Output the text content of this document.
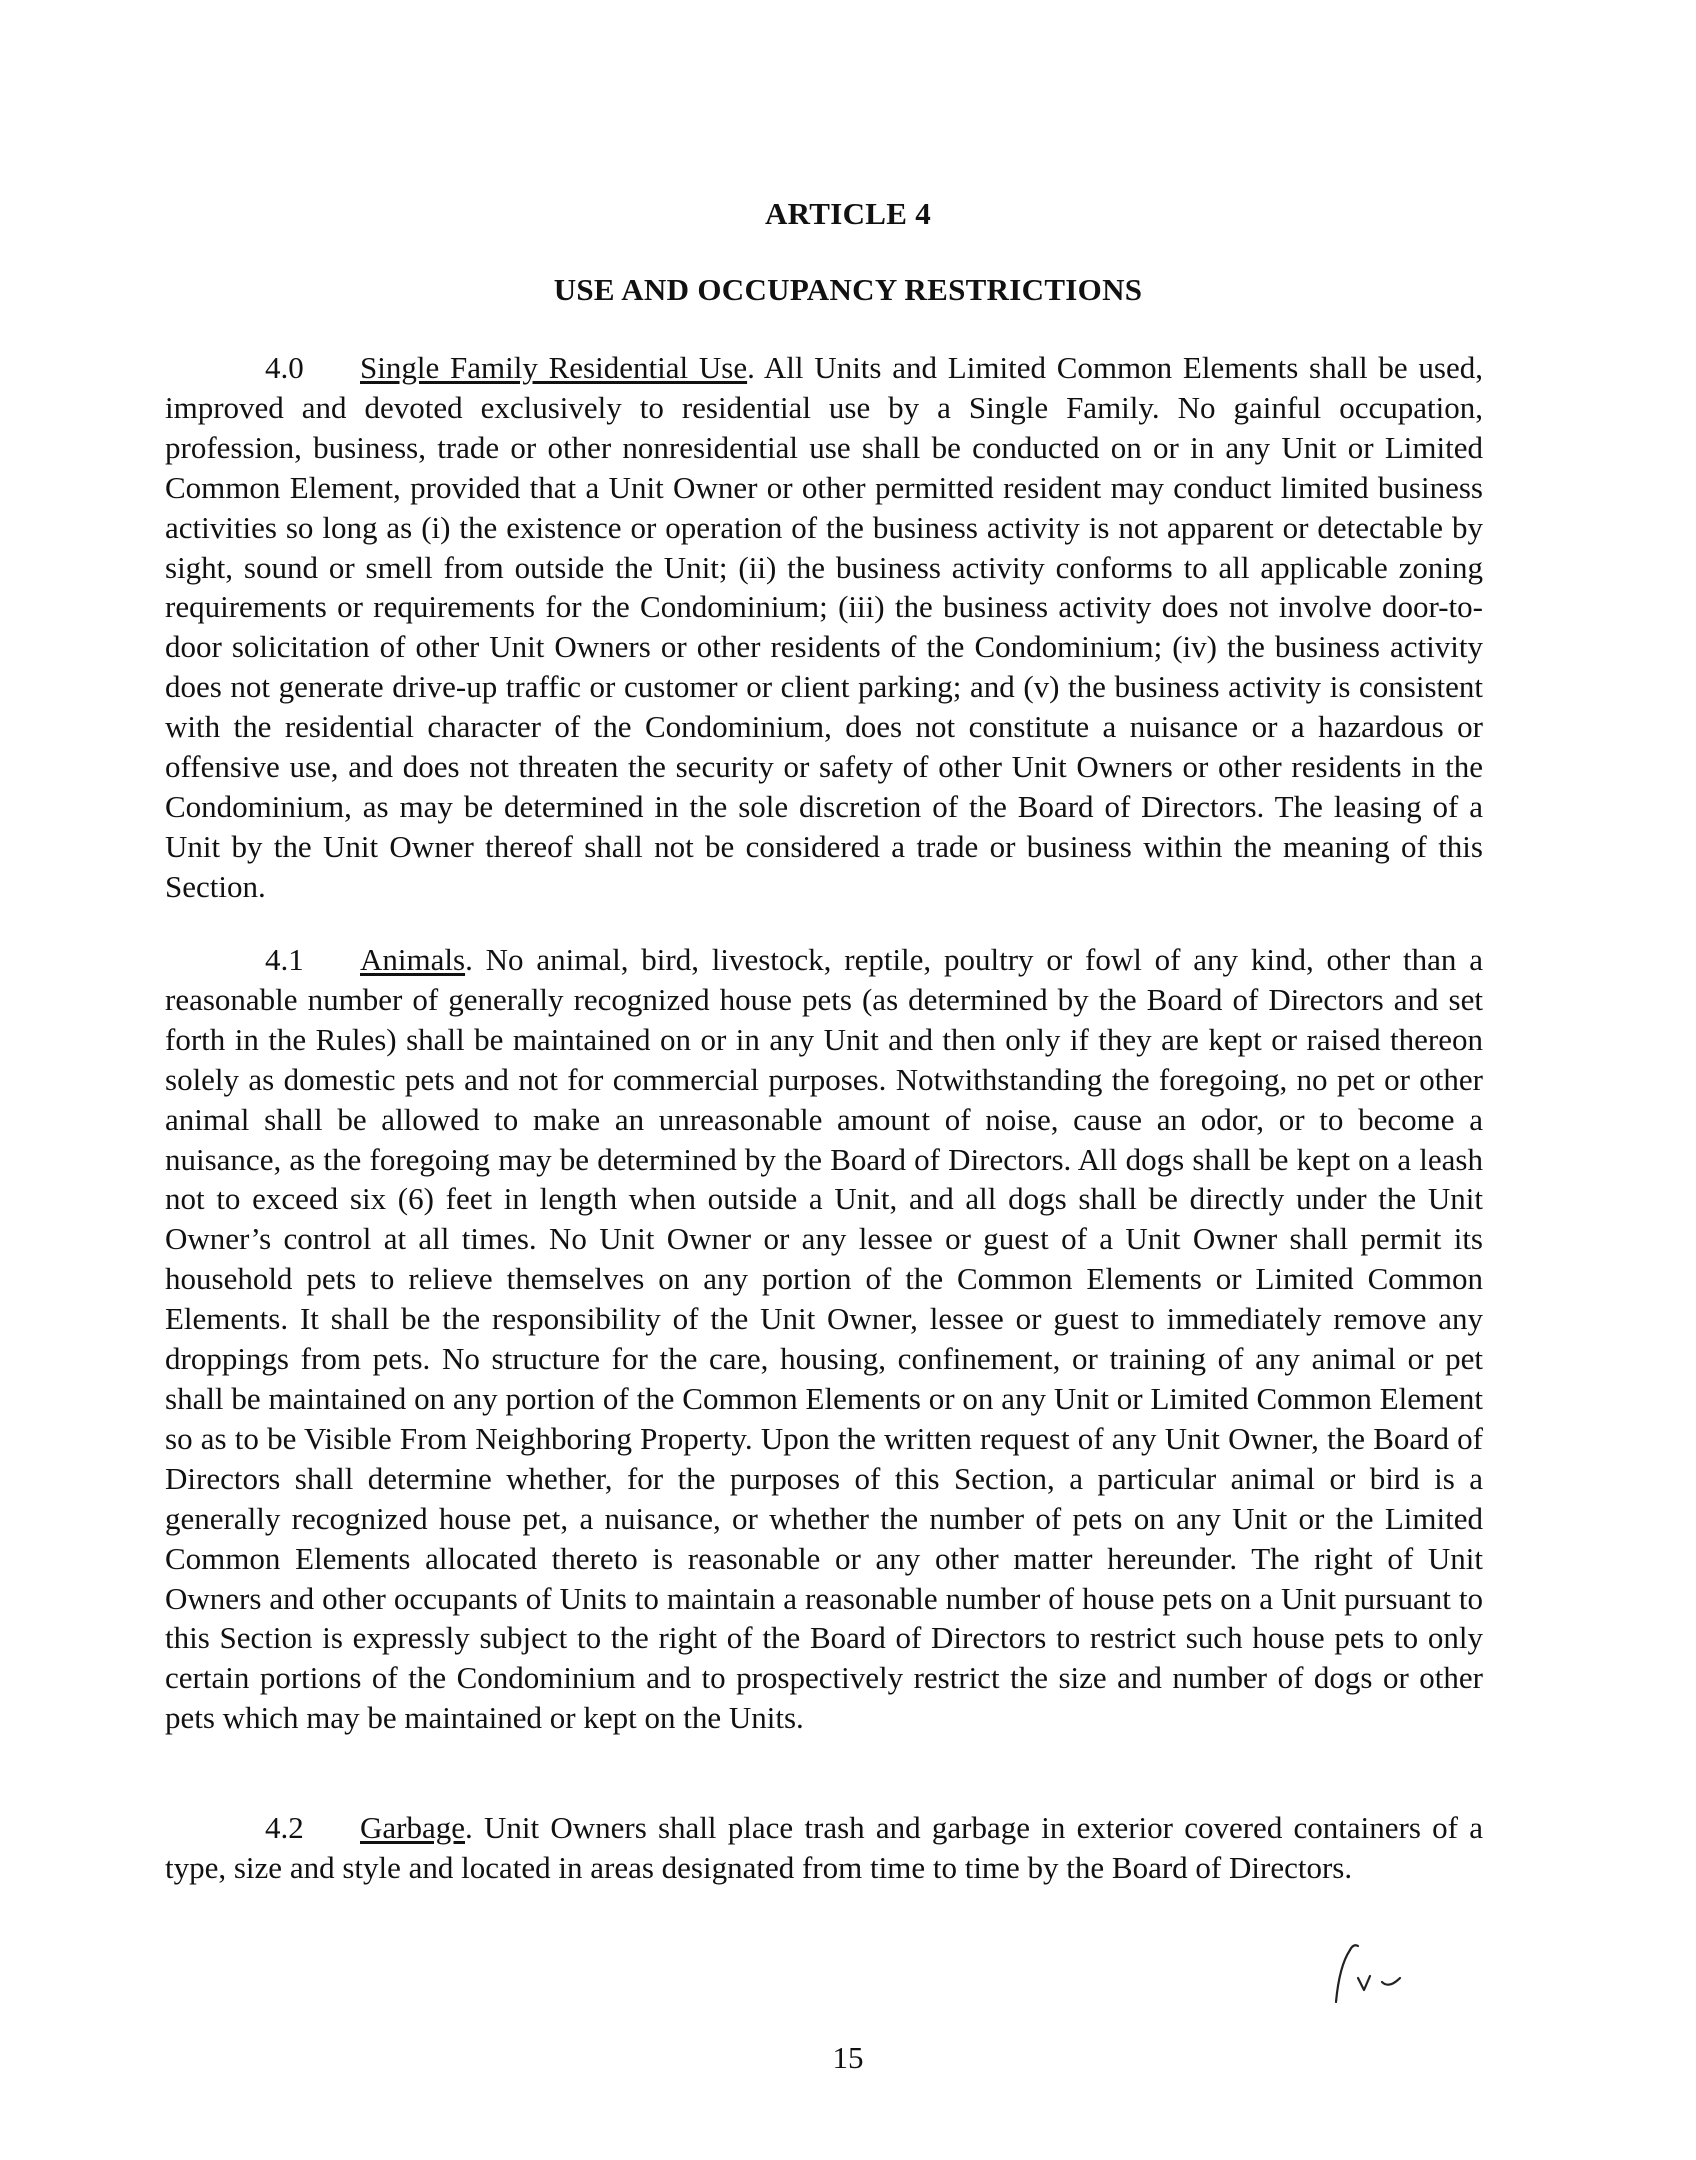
ARTICLE 4
USE AND OCCUPANCY RESTRICTIONS

4.0 Single Family Residential Use. All Units and Limited Common Elements shall be used, improved and devoted exclusively to residential use by a Single Family. No gainful occupation, profession, business, trade or other nonresidential use shall be conducted on or in any Unit or Limited Common Element, provided that a Unit Owner or other permitted resident may conduct limited business activities so long as (i) the existence or operation of the business activity is not apparent or detectable by sight, sound or smell from outside the Unit; (ii) the business activity conforms to all applicable zoning requirements or requirements for the Condominium; (iii) the business activity does not involve door-to-door solicitation of other Unit Owners or other residents of the Condominium; (iv) the business activity does not generate drive-up traffic or customer or client parking; and (v) the business activity is consistent with the residential character of the Condominium, does not constitute a nuisance or a hazardous or offensive use, and does not threaten the security or safety of other Unit Owners or other residents in the Condominium, as may be determined in the sole discretion of the Board of Directors. The leasing of a Unit by the Unit Owner thereof shall not be considered a trade or business within the meaning of this Section.

4.1 Animals. No animal, bird, livestock, reptile, poultry or fowl of any kind, other than a reasonable number of generally recognized house pets (as determined by the Board of Directors and set forth in the Rules) shall be maintained on or in any Unit and then only if they are kept or raised thereon solely as domestic pets and not for commercial purposes. Notwithstanding the foregoing, no pet or other animal shall be allowed to make an unreasonable amount of noise, cause an odor, or to become a nuisance, as the foregoing may be determined by the Board of Directors. All dogs shall be kept on a leash not to exceed six (6) feet in length when outside a Unit, and all dogs shall be directly under the Unit Owner’s control at all times. No Unit Owner or any lessee or guest of a Unit Owner shall permit its household pets to relieve themselves on any portion of the Common Elements or Limited Common Elements. It shall be the responsibility of the Unit Owner, lessee or guest to immediately remove any droppings from pets. No structure for the care, housing, confinement, or training of any animal or pet shall be maintained on any portion of the Common Elements or on any Unit or Limited Common Element so as to be Visible From Neighboring Property. Upon the written request of any Unit Owner, the Board of Directors shall determine whether, for the purposes of this Section, a particular animal or bird is a generally recognized house pet, a nuisance, or whether the number of pets on any Unit or the Limited Common Elements allocated thereto is reasonable or any other matter hereunder. The right of Unit Owners and other occupants of Units to maintain a reasonable number of house pets on a Unit pursuant to this Section is expressly subject to the right of the Board of Directors to restrict such house pets to only certain portions of the Condominium and to prospectively restrict the size and number of dogs or other pets which may be maintained or kept on the Units.

4.2 Garbage. Unit Owners shall place trash and garbage in exterior covered containers of a type, size and style and located in areas designated from time to time by the Board of Directors.

15
